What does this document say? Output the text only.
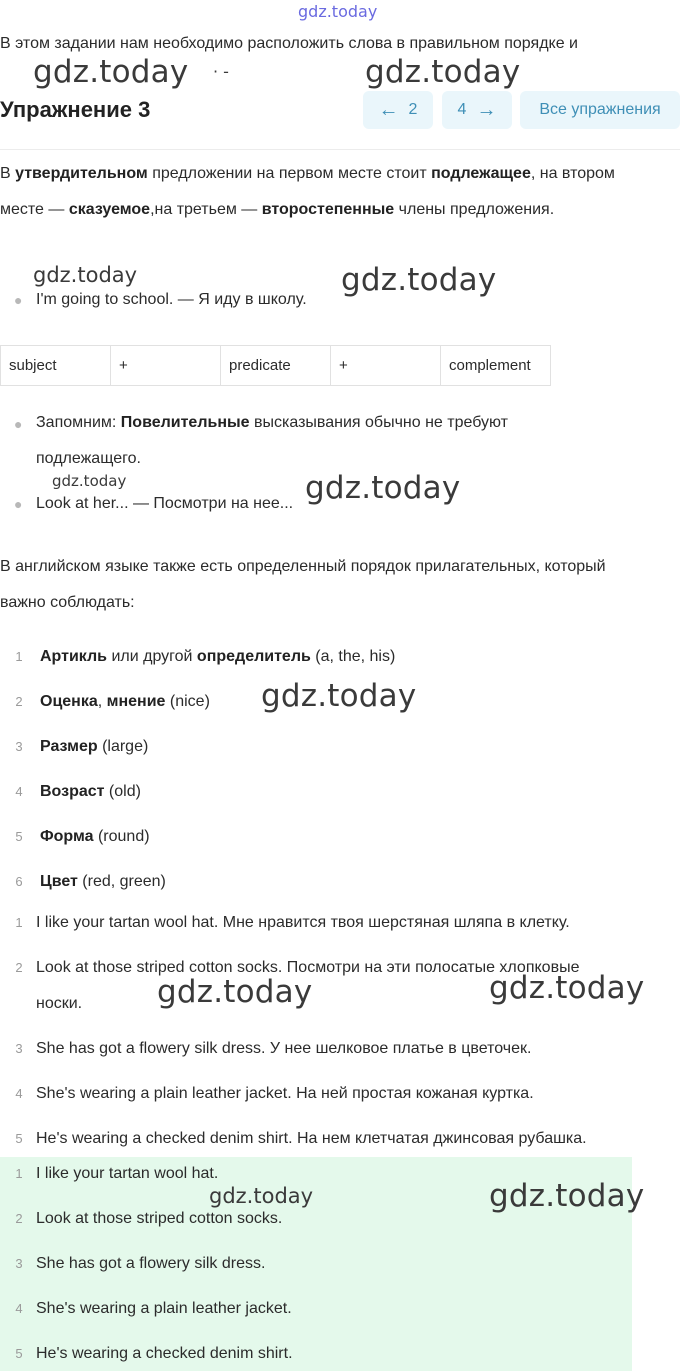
gdz.today
В этом задании нам необходимо расположить слова в правильном порядке и
Упражнение 3	← 2	4 →	Все упражнения

В утвердительном предложении на первом месте стоит подлежащее, на втором месте — сказуемое,на третьем — второстепенные члены предложения.

● I'm going to school. — Я иду в школу.
subject	+	predicate	+	complement
● Запомним: Повелительные высказывания обычно не требуют подлежащего.

● Look at her... — Посмотри на нее...

В английском языке также есть определенный порядок прилагательных, который важно соблюдать:

1 Артикль или другой определитель (a, the, his)
2 Оценка, мнение (nice)
3 Размер (large)
4 Возраст (old)
5 Форма (round)
6 Цвет (red, green)
1 I like your tartan wool hat. Мне нравится твоя шерстяная шляпа в клетку.
2 Look at those striped cotton socks. Посмотри на эти полосатые хлопковые
носки.
3 She has got a flowery silk dress. У нее шелковое платье в цветочек.
4 She's wearing a plain leather jacket. На ней простая кожаная куртка.
5 He's wearing a checked denim shirt. На нем клетчатая джинсовая рубашка.
1 I like your tartan wool hat.
2 Look at those striped cotton socks.
3 She has got a flowery silk dress.
4 She's wearing a plain leather jacket.
5 He's wearing a checked denim shirt.
gdz.today · -	gdz.today
gdz.today	gdz.today
gdz.today	gdz.today
gdz.today
gdz.today	gdz.today
gdz.today	gdz.today
